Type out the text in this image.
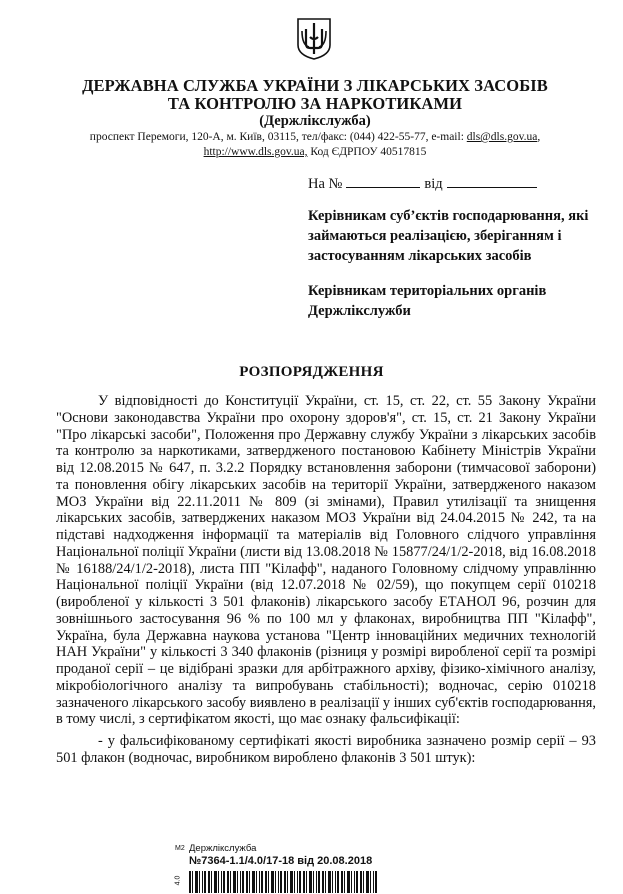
ДЕРЖАВНА СЛУЖБА УКРАЇНИ З ЛІКАРСЬКИХ ЗАСОБІВ
ТА КОНТРОЛЮ ЗА НАРКОТИКАМИ
(Держлікслужба)
проспект Перемоги, 120-А, м. Київ, 03115, тел/факс: (044) 422-55-77, e-mail: dls@dls.gov.ua,
http://www.dls.gov.ua, Код ЄДРПОУ 40517815
На №	від
Керівникам суб’єктів господарювання, які займаються реалізацією, зберіганням і застосуванням лікарських засобів
Керівникам територіальних органів Держлікслужби
РОЗПОРЯДЖЕННЯ

У відповідності до Конституції України, ст. 15, ст. 22, ст. 55 Закону України "Основи законодавства України про охорону здоров'я", ст. 15, ст. 21 Закону України "Про лікарські засоби", Положення про Державну службу України з лікарських засобів та контролю за наркотиками, затвердженого постановою Кабінету Міністрів України від 12.08.2015 № 647, п. 3.2.2 Порядку встановлення заборони (тимчасової заборони) та поновлення обігу лікарських засобів на території України, затвердженого наказом МОЗ України від 22.11.2011 № 809 (зі змінами), Правил утилізації та знищення лікарських засобів, затверджених наказом МОЗ України від 24.04.2015 № 242, та на підставі надходження інформації та матеріалів від Головного слідчого управління Національної поліції України (листи від 13.08.2018 № 15877/24/1/2-2018, від 16.08.2018 № 16188/24/1/2-2018), листа ПП "Кілафф", наданого Головному слідчому управлінню Національної поліції України (від 12.07.2018 № 02/59), що покупцем серії 010218 (виробленої у кількості 3 501 флаконів) лікарського засобу ЕТАНОЛ 96, розчин для зовнішнього застосування 96 % по 100 мл у флаконах, виробництва ПП "Кілафф", Україна, була Державна наукова установа "Центр інноваційних медичних технологій НАН України" у кількості 3 340 флаконів (різниця у розмірі виробленої серії та розмірі проданої серії – це відібрані зразки для арбітражного архіву, фізико-хімічного аналізу, мікробіологічного аналізу та випробувань стабільності); водночас, серію 010218 зазначеного лікарського засобу виявлено в реалізації у інших суб'єктів господарювання, в тому числі, з сертифікатом якості, що має ознаку фальсифікації:

- у фальсифікованому сертифікаті якості виробника зазначено розмір серії – 93 501 флакон (водночас, виробником вироблено флаконів 3 501 штук):

М2 Держлікслужба
№7364-1.1/4.0/17-18 від 20.08.2018
4.0
